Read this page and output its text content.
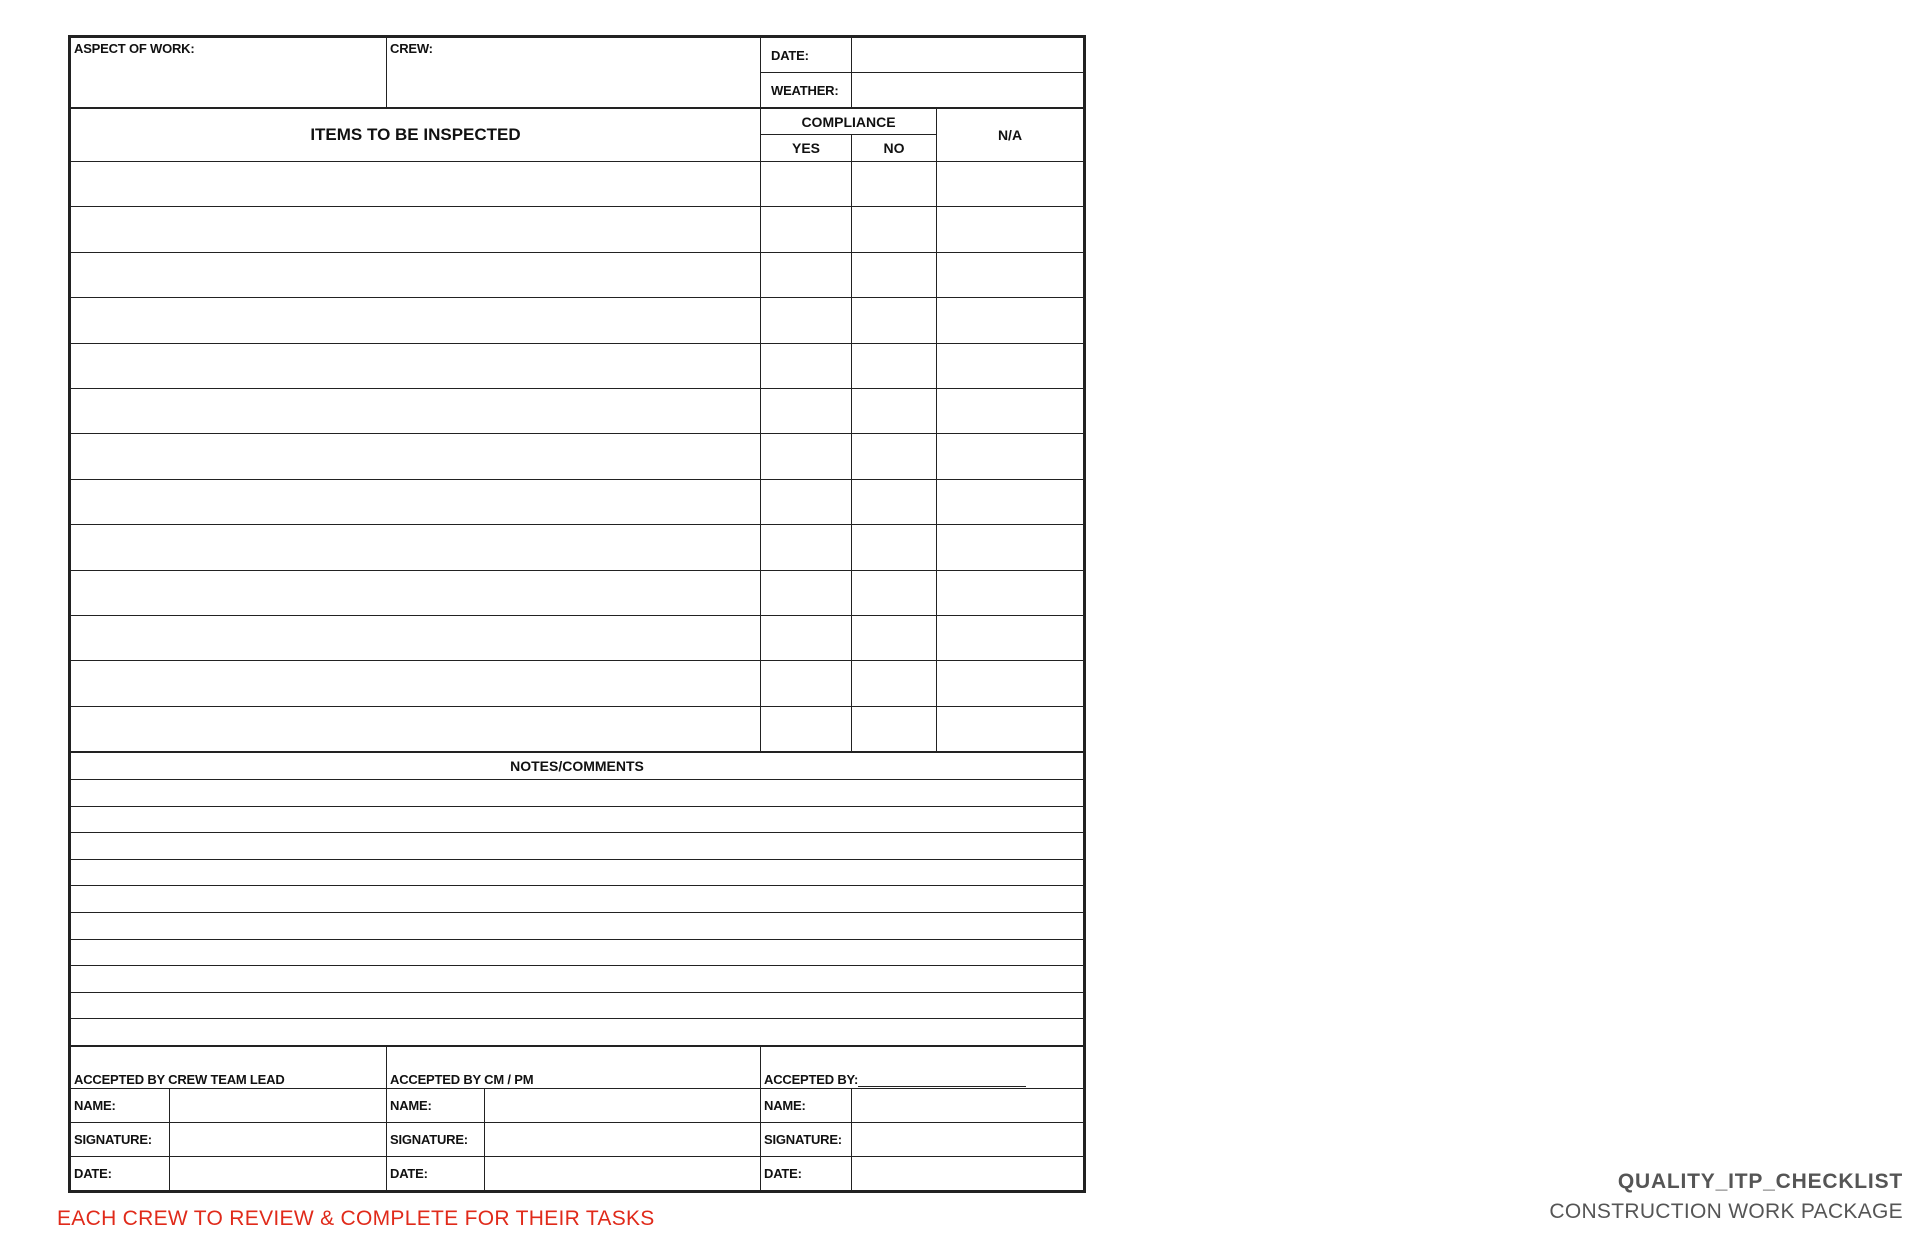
ASPECT OF WORK:	CREW:	DATE:	
		WEATHER:	
ITEMS TO BE INSPECTED	COMPLIANCE		N/A
	YES	NO	

NOTES/COMMENTS

ACCEPTED BY CREW TEAM LEAD		ACCEPTED BY CM / PM		ACCEPTED BY:	
NAME:		NAME:		NAME:	
SIGNATURE:		SIGNATURE:		SIGNATURE:	
DATE:		DATE:		DATE:	
EACH CREW TO REVIEW & COMPLETE FOR THEIR TASKS
QUALITY_ITP_CHECKLIST
CONSTRUCTION WORK PACKAGE
